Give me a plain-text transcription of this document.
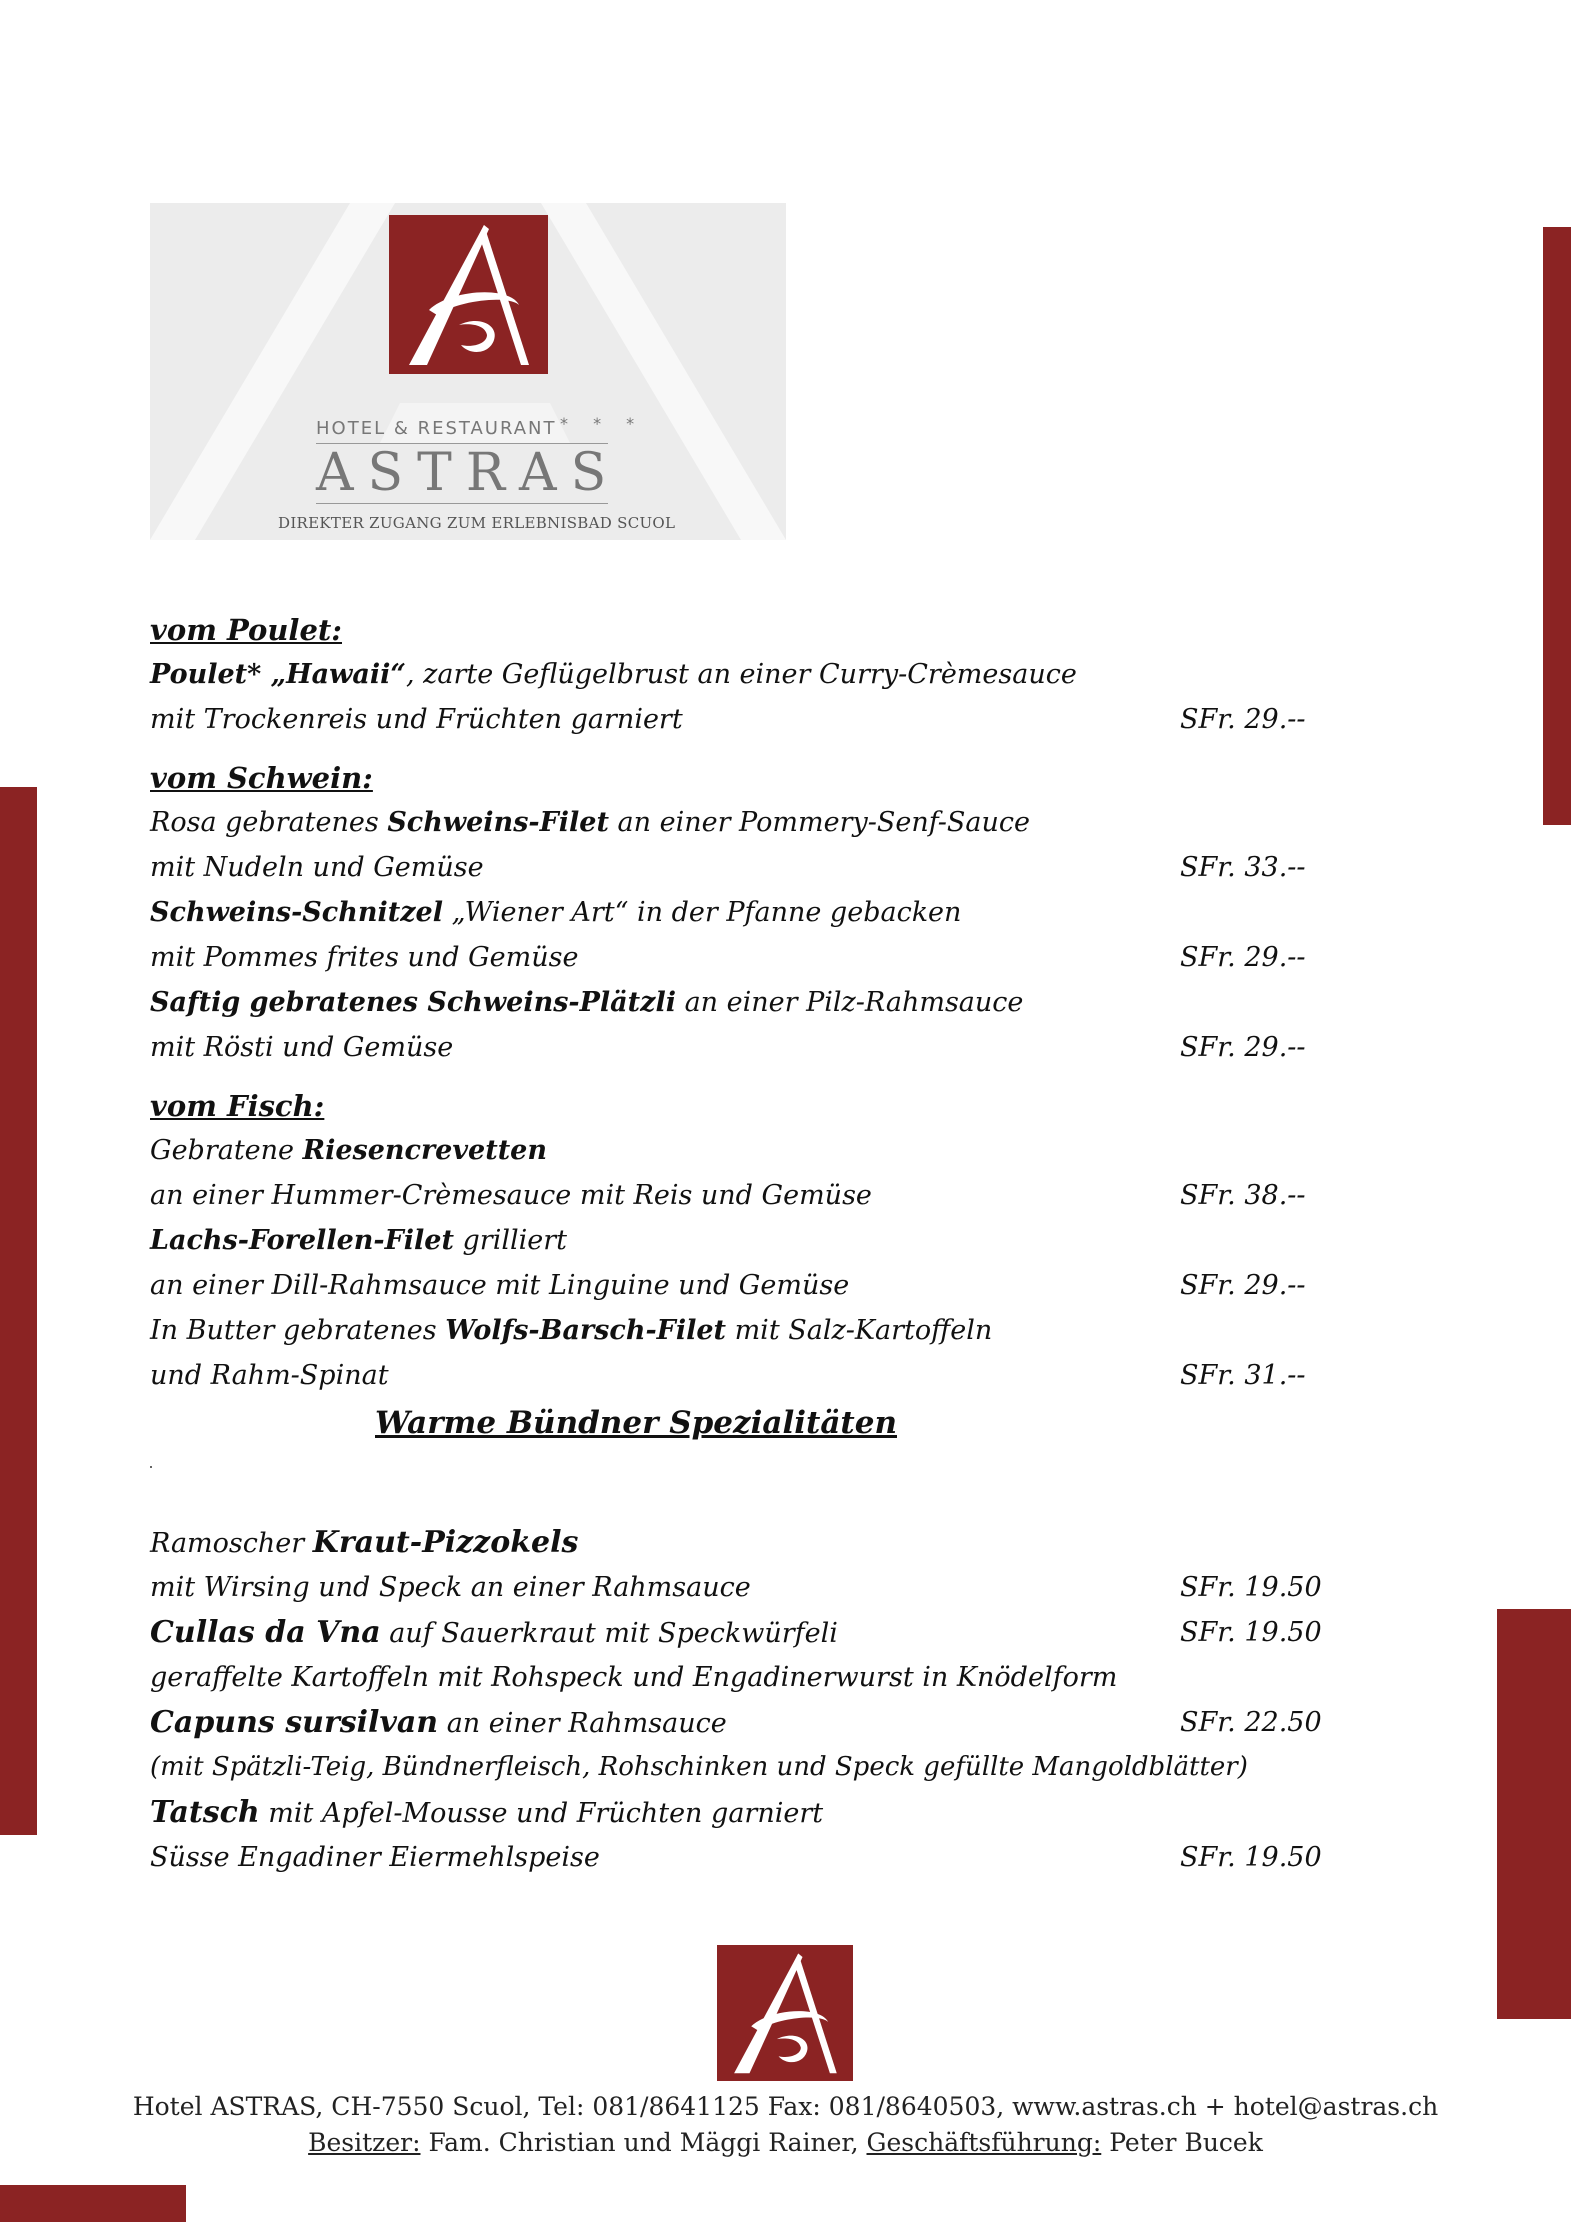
HOTEL & RESTAURANT * * *
ASTRAS
DIREKTER ZUGANG ZUM ERLEBNISBAD SCUOL
vom Poulet:
Poulet* „Hawaii“, zarte Geflügelbrust an einer Curry-Crèmesauce
mit Trockenreis und Früchten garniert	SFr. 29.--
vom Schwein:
Rosa gebratenes Schweins-Filet an einer Pommery-Senf-Sauce
mit Nudeln und Gemüse	SFr. 33.--
Schweins-Schnitzel „Wiener Art“ in der Pfanne gebacken
mit Pommes frites und Gemüse	SFr. 29.--
Saftig gebratenes Schweins-Plätzli an einer Pilz-Rahmsauce
mit Rösti und Gemüse	SFr. 29.--
vom Fisch:
Gebratene Riesencrevetten
an einer Hummer-Crèmesauce mit Reis und Gemüse	SFr. 38.--
Lachs-Forellen-Filet grilliert
an einer Dill-Rahmsauce mit Linguine und Gemüse	SFr. 29.--
In Butter gebratenes Wolfs-Barsch-Filet mit Salz-Kartoffeln
und Rahm-Spinat	SFr. 31.--
Warme Bündner Spezialitäten
Ramoscher Kraut-Pizzokels
mit Wirsing und Speck an einer Rahmsauce	SFr. 19.50
Cullas da Vna auf Sauerkraut mit Speckwürfeli	SFr. 19.50
geraffelte Kartoffeln mit Rohspeck und Engadinerwurst in Knödelform
Capuns sursilvan an einer Rahmsauce	SFr. 22.50
(mit Spätzli-Teig, Bündnerfleisch, Rohschinken und Speck gefüllte Mangoldblätter)
Tatsch mit Apfel-Mousse und Früchten garniert
Süsse Engadiner Eiermehlspeise	SFr. 19.50
Hotel ASTRAS, CH-7550 Scuol, Tel: 081/8641125 Fax: 081/8640503, www.astras.ch + hotel@astras.ch
Besitzer: Fam. Christian und Mäggi Rainer, Geschäftsführung: Peter Bucek
